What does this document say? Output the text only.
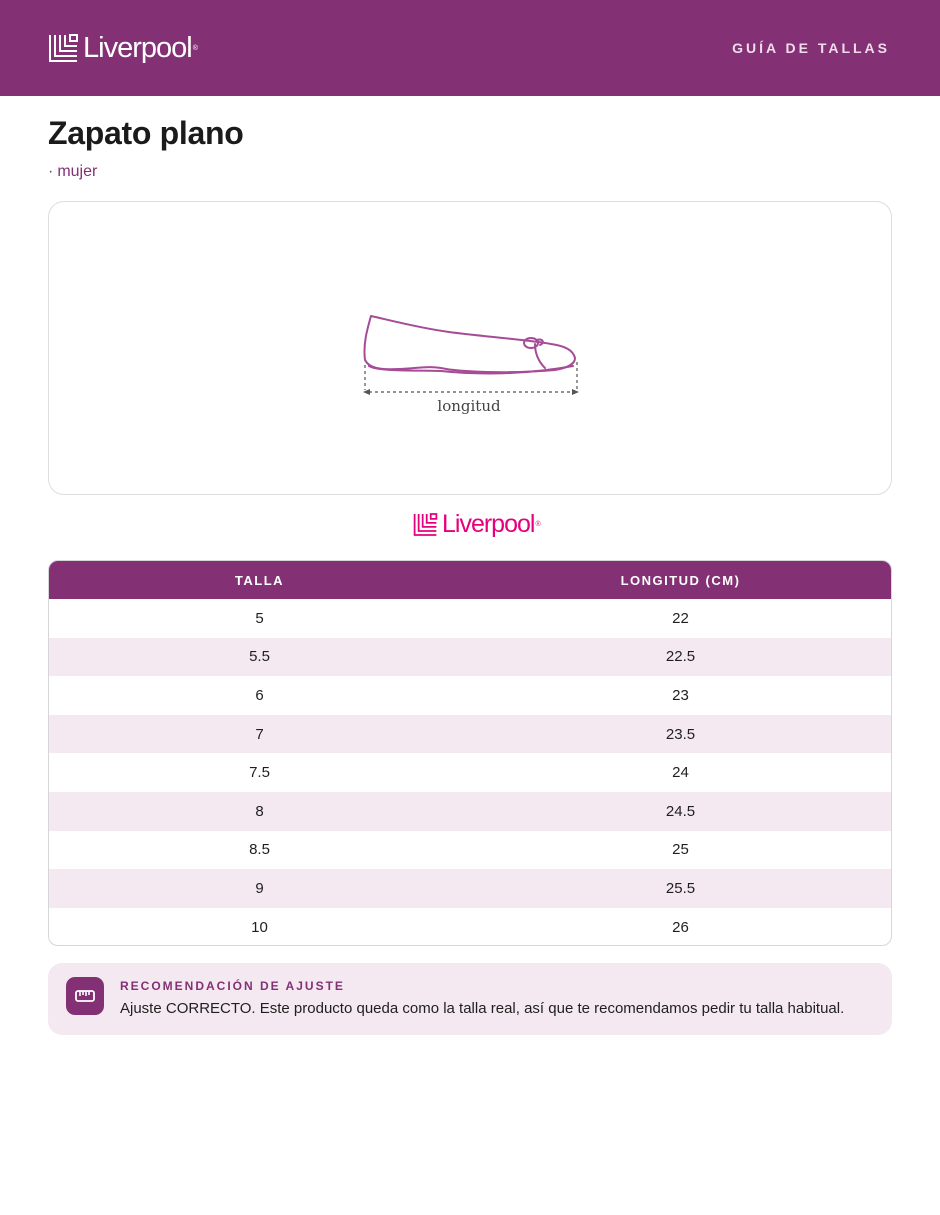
Liverpool ®	GUÍA DE TALLAS
Zapato plano
· mujer
longitud
Liverpool ®
TALLA	LONGITUD (CM)
5	22
5.5	22.5
6	23
7	23.5
7.5	24
8	24.5
8.5	25
9	25.5
10	26
RECOMENDACIÓN DE AJUSTE
Ajuste CORRECTO. Este producto queda como la talla real, así que te recomendamos pedir tu talla habitual.
